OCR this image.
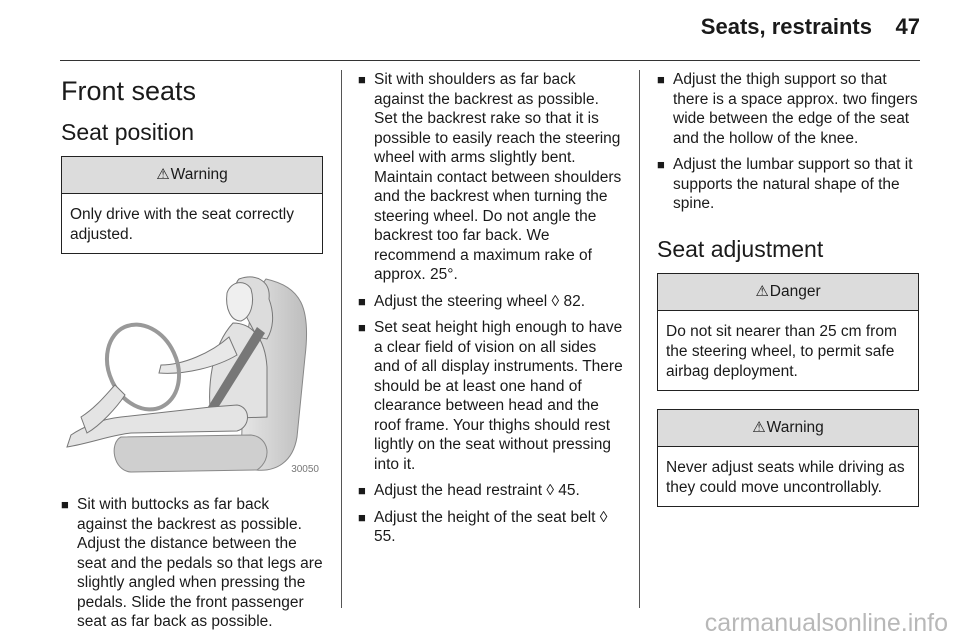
Seats, restraints 47
Front seats
Seat position
⚠Warning
Only drive with the seat correctly adjusted.
30050
■ Sit with buttocks as far back against the backrest as possible. Adjust the distance between the seat and the pedals so that legs are slightly angled when pressing the pedals. Slide the front passenger seat as far back as possible.
■ Sit with shoulders as far back against the backrest as possible. Set the backrest rake so that it is possible to easily reach the steering wheel with arms slightly bent. Maintain contact between shoulders and the backrest when turning the steering wheel. Do not angle the backrest too far back. We recommend a maximum rake of approx. 25°.
■ Adjust the steering wheel ◊ 82.
■ Set seat height high enough to have a clear field of vision on all sides and of all display instruments. There should be at least one hand of clearance between head and the roof frame. Your thighs should rest lightly on the seat without pressing into it.
■ Adjust the head restraint ◊ 45.
■ Adjust the height of the seat belt ◊ 55.
■ Adjust the thigh support so that there is a space approx. two fingers wide between the edge of the seat and the hollow of the knee.
■ Adjust the lumbar support so that it supports the natural shape of the spine.
Seat adjustment
⚠Danger
Do not sit nearer than 25 cm from the steering wheel, to permit safe airbag deployment.
⚠Warning
Never adjust seats while driving as they could move uncontrollably.
carmanualsonline.info
